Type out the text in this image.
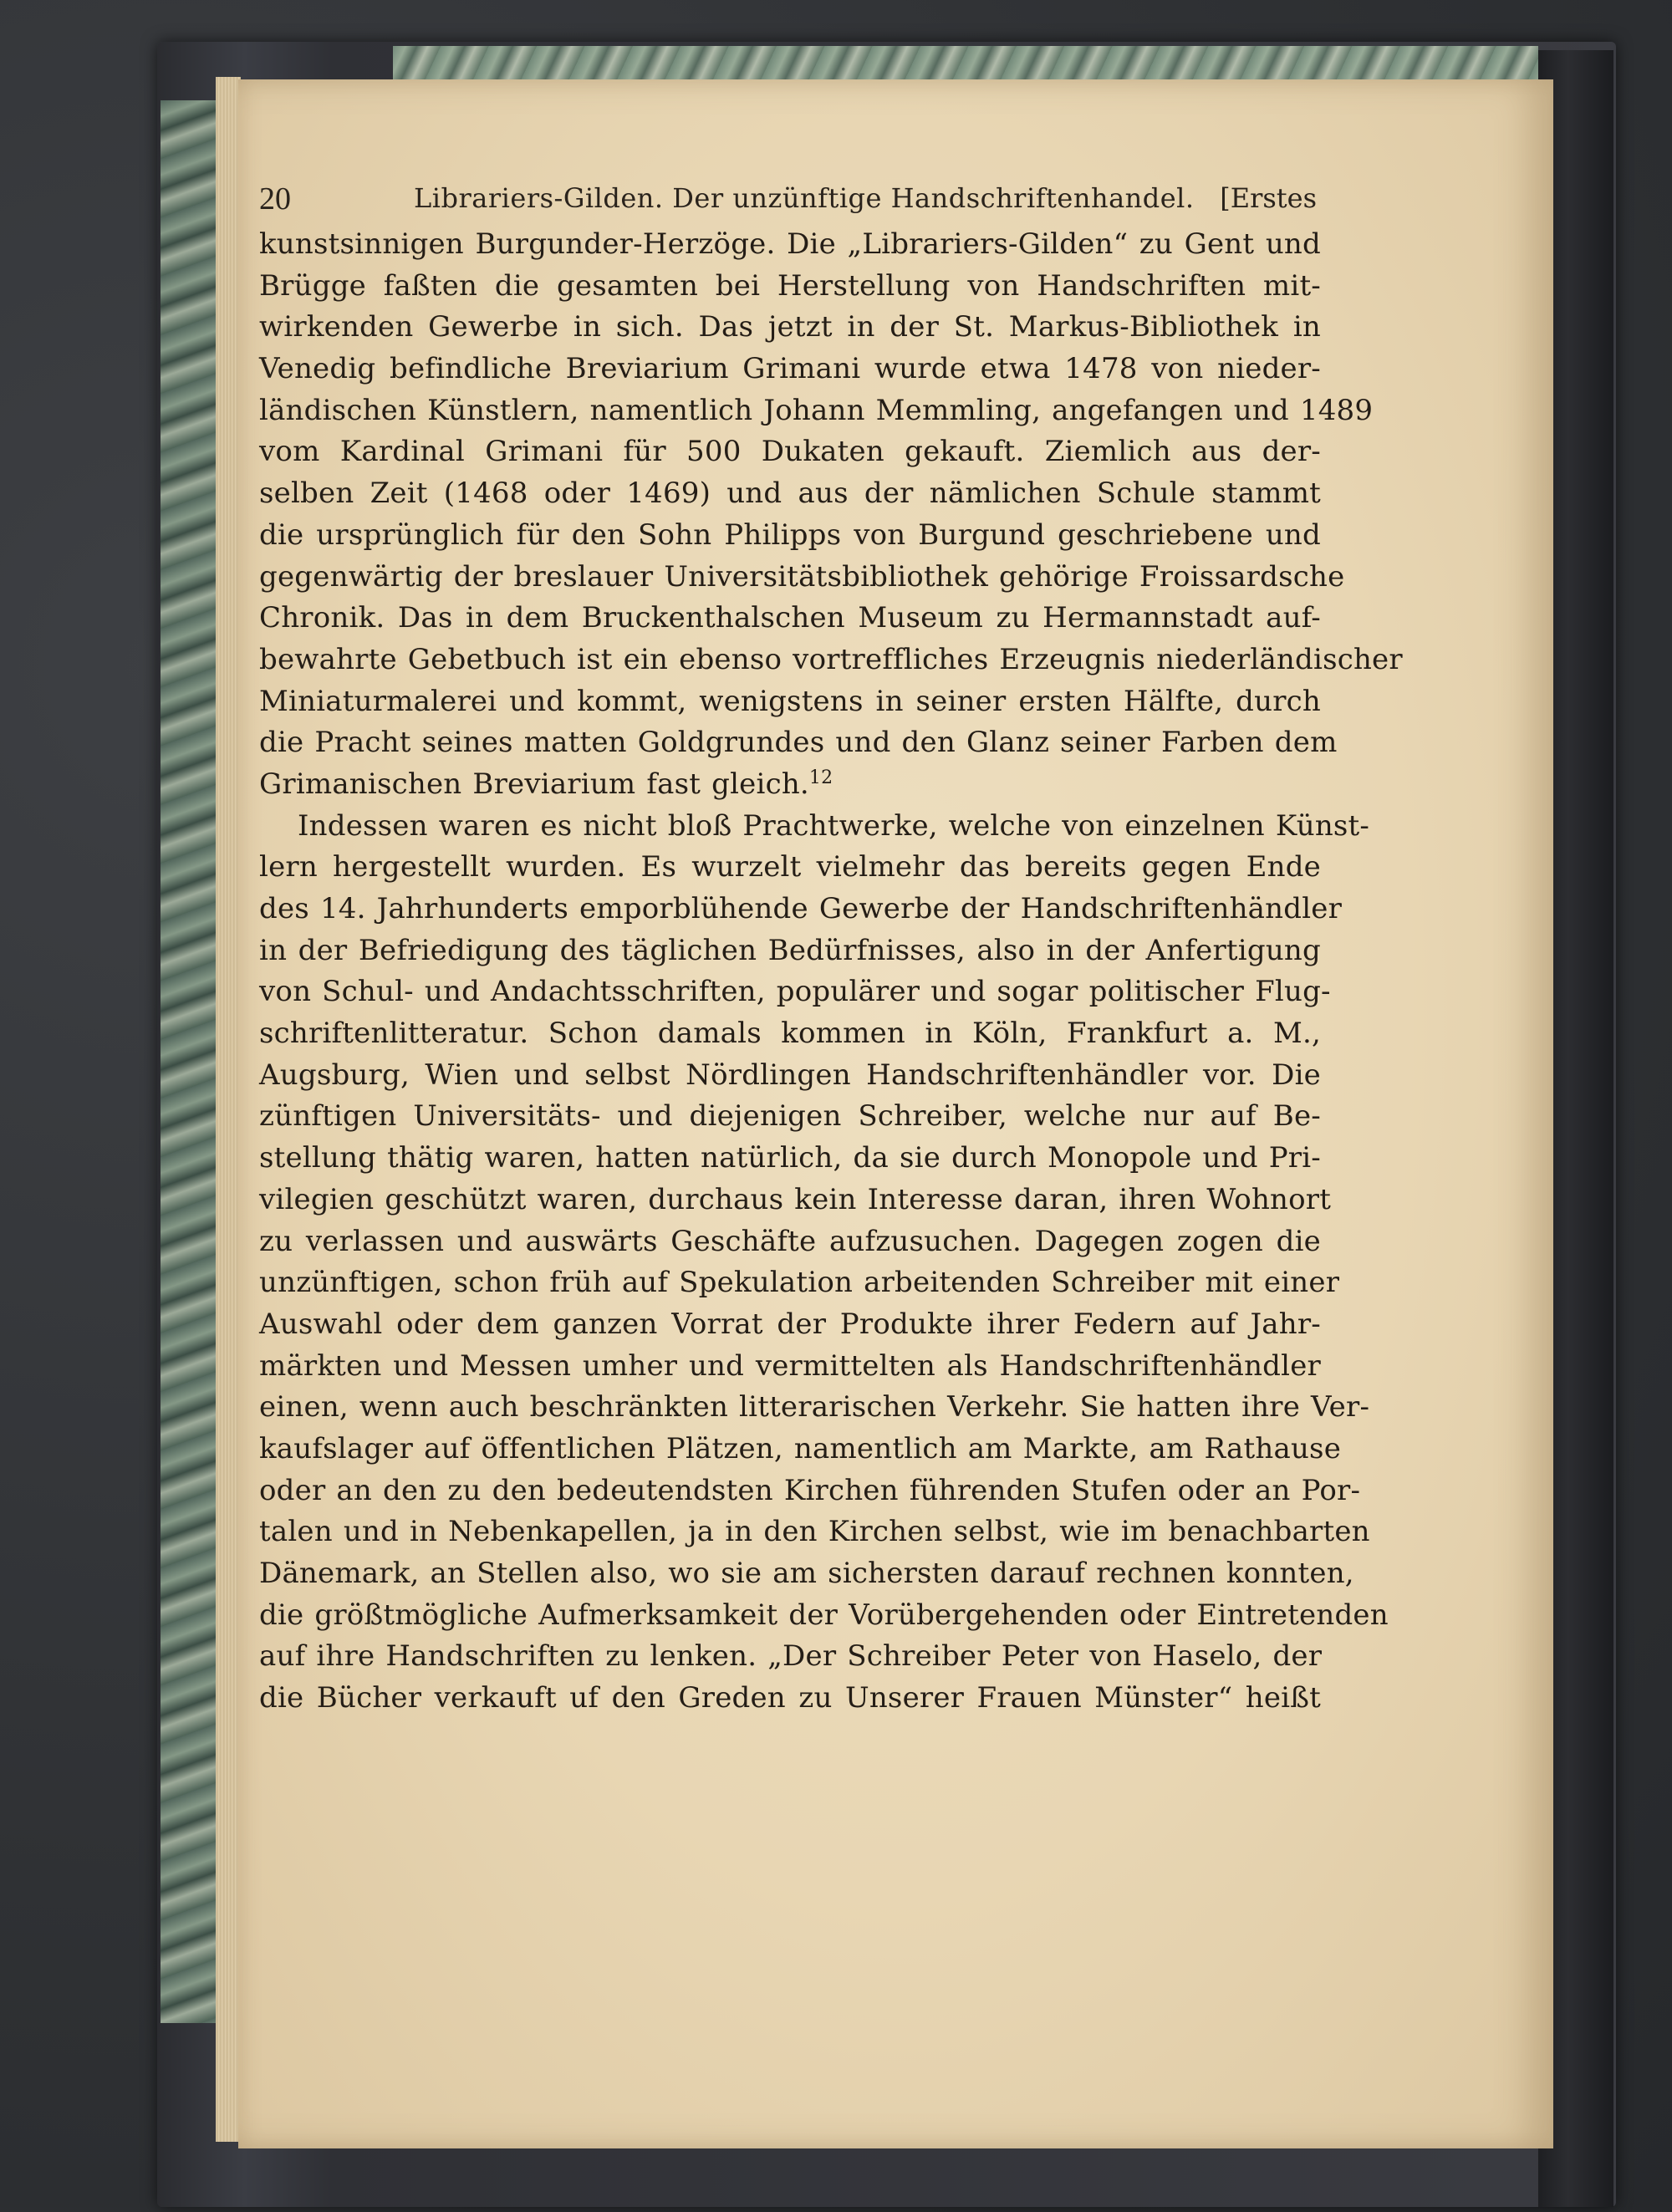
20	Librariers-Gilden. Der unzünftige Handschriftenhandel. [Erstes
kunstsinnigen Burgunder-Herzöge. Die „Librariers-Gilden“ zu Gent und
Brügge faßten die gesamten bei Herstellung von Handschriften mit-
wirkenden Gewerbe in sich. Das jetzt in der St. Markus-Bibliothek in
Venedig befindliche Breviarium Grimani wurde etwa 1478 von nieder-
ländischen Künstlern, namentlich Johann Memmling, angefangen und 1489
vom Kardinal Grimani für 500 Dukaten gekauft. Ziemlich aus der-
selben Zeit (1468 oder 1469) und aus der nämlichen Schule stammt
die ursprünglich für den Sohn Philipps von Burgund geschriebene und
gegenwärtig der breslauer Universitätsbibliothek gehörige Froissardsche
Chronik. Das in dem Bruckenthalschen Museum zu Hermannstadt auf-
bewahrte Gebetbuch ist ein ebenso vortreffliches Erzeugnis niederländischer
Miniaturmalerei und kommt, wenigstens in seiner ersten Hälfte, durch
die Pracht seines matten Goldgrundes und den Glanz seiner Farben dem
Grimanischen Breviarium fast gleich.$^{12}$
Indessen waren es nicht bloß Prachtwerke, welche von einzelnen Künst-
lern hergestellt wurden. Es wurzelt vielmehr das bereits gegen Ende
des 14. Jahrhunderts emporblühende Gewerbe der Handschriftenhändler
in der Befriedigung des täglichen Bedürfnisses, also in der Anfertigung
von Schul- und Andachtsschriften, populärer und sogar politischer Flug-
schriftenlitteratur. Schon damals kommen in Köln, Frankfurt a. M.,
Augsburg, Wien und selbst Nördlingen Handschriftenhändler vor. Die
zünftigen Universitäts- und diejenigen Schreiber, welche nur auf Be-
stellung thätig waren, hatten natürlich, da sie durch Monopole und Pri-
vilegien geschützt waren, durchaus kein Interesse daran, ihren Wohnort
zu verlassen und auswärts Geschäfte aufzusuchen. Dagegen zogen die
unzünftigen, schon früh auf Spekulation arbeitenden Schreiber mit einer
Auswahl oder dem ganzen Vorrat der Produkte ihrer Federn auf Jahr-
märkten und Messen umher und vermittelten als Handschriftenhändler
einen, wenn auch beschränkten litterarischen Verkehr. Sie hatten ihre Ver-
kaufslager auf öffentlichen Plätzen, namentlich am Markte, am Rathause
oder an den zu den bedeutendsten Kirchen führenden Stufen oder an Por-
talen und in Nebenkapellen, ja in den Kirchen selbst, wie im benachbarten
Dänemark, an Stellen also, wo sie am sichersten darauf rechnen konnten,
die größtmögliche Aufmerksamkeit der Vorübergehenden oder Eintretenden
auf ihre Handschriften zu lenken. „Der Schreiber Peter von Haselo, der
die Bücher verkauft uf den Greden zu Unserer Frauen Münster“ heißt
